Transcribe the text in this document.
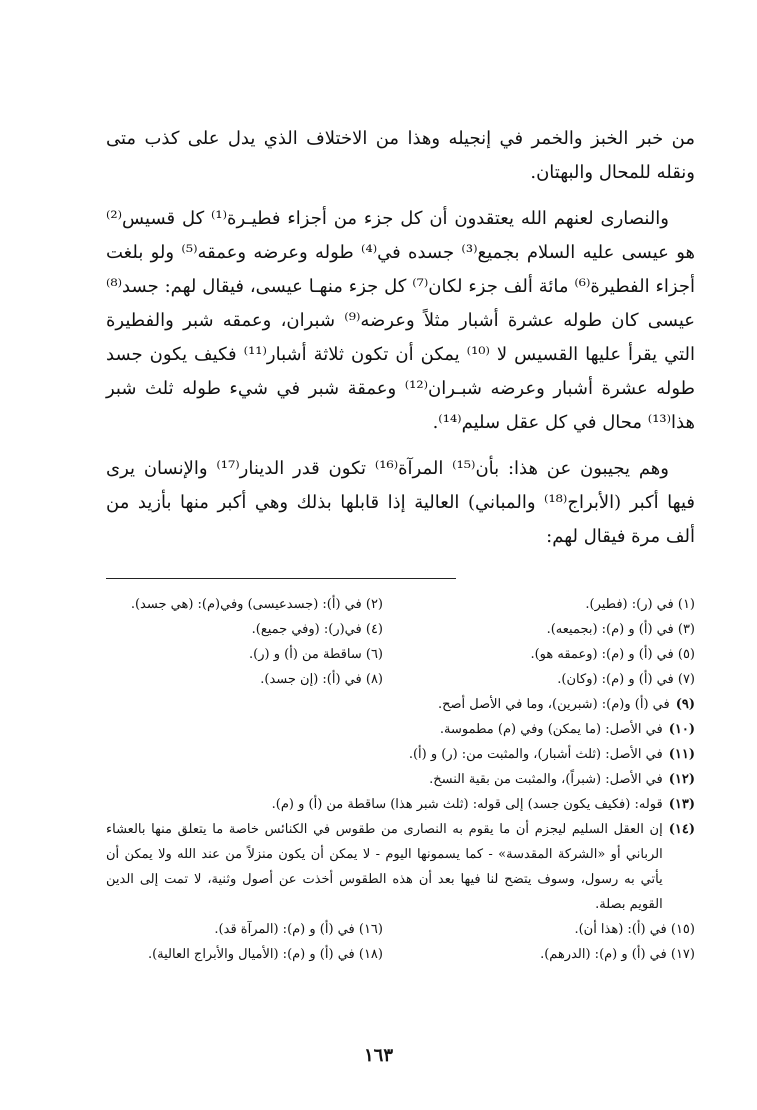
من خبر الخبز والخمر في إنجيله وهذا من الاختلاف الذي يدل على كذب متى ونقله للمحال والبهتان.

والنصارى لعنهم الله يعتقدون أن كل جزء من أجزاء فطيـرة⁽¹⁾ كل قسيس⁽²⁾ هو عيسى عليه السلام بجميع⁽³⁾ جسده في⁽⁴⁾ طوله وعرضه وعمقه⁽⁵⁾ ولو بلغت أجزاء الفطيرة⁽⁶⁾ مائة ألف جزء لكان⁽⁷⁾ كل جزء منهـا عيسى، فيقال لهم: جسد⁽⁸⁾ عيسى كان طوله عشرة أشبار مثلاً وعرضه⁽⁹⁾ شبران، وعمقه شبر والفطيرة التي يقرأ عليها القسيس لا ⁽¹⁰⁾ يمكن أن تكون ثلاثة أشبار⁽¹¹⁾ فكيف يكون جسد طوله عشرة أشبار وعرضه شبـران⁽¹²⁾ وعمقة شبر في شيء طوله ثلث شبر هذا⁽¹³⁾ محال في كل عقل سليم⁽¹⁴⁾.

وهم يجيبون عن هذا: بأن⁽¹⁵⁾ المرآة⁽¹⁶⁾ تكون قدر الدينار⁽¹⁷⁾ والإنسان يرى فيها أكبر (الأبراج⁽¹⁸⁾ والمباني) العالية إذا قابلها بذلك وهي أكبر منها بأزيد من ألف مرة فيقال لهم:

(١) في (ر): (فطير).
(٢) في (أ): (جسدعيسى) وفي(م): (هي جسد).
(٣) في (أ) و (م): (بجميعه).
(٤) في(ر): (وفي جميع).
(٥) في (أ) و (م): (وعمقه هو).
(٦) ساقطة من (أ) و (ر).
(٧) في (أ) و (م): (وكان).
(٨) في (أ): (إن جسد).
(٩)
في (أ) و(م): (شبرين)، وما في الأصل أصح.
(١٠)
في الأصل: (ما يمكن) وفي (م) مطموسة.
(١١)
في الأصل: (ثلث أشبار)، والمثبت من: (ر) و (أ).
(١٢)
في الأصل: (شبراً)، والمثبت من بقية النسخ.
(١٣)
قوله: (فكيف يكون جسد) إلى قوله: (ثلث شبر هذا) ساقطة من (أ) و (م).
(١٤)
إن العقل السليم ليجزم أن ما يقوم به النصارى من طقوس في الكنائس خاصة ما يتعلق منها بالعشاء الرباني أو «الشركة المقدسة» - كما يسمونها اليوم - لا يمكن أن يكون منزلاً من عند الله ولا يمكن أن يأتي به رسول، وسوف يتضح لنا فيها بعد أن هذه الطقوس أخذت عن أصول وثنية، لا تمت إلى الدين القويم بصلة.
(١٥) في (أ): (هذا أن).
(١٦) في (أ) و (م): (المرآة قد).
(١٧) في (أ) و (م): (الدرهم).
(١٨) في (أ) و (م): (الأميال والأبراج العالية).
١٦٣
